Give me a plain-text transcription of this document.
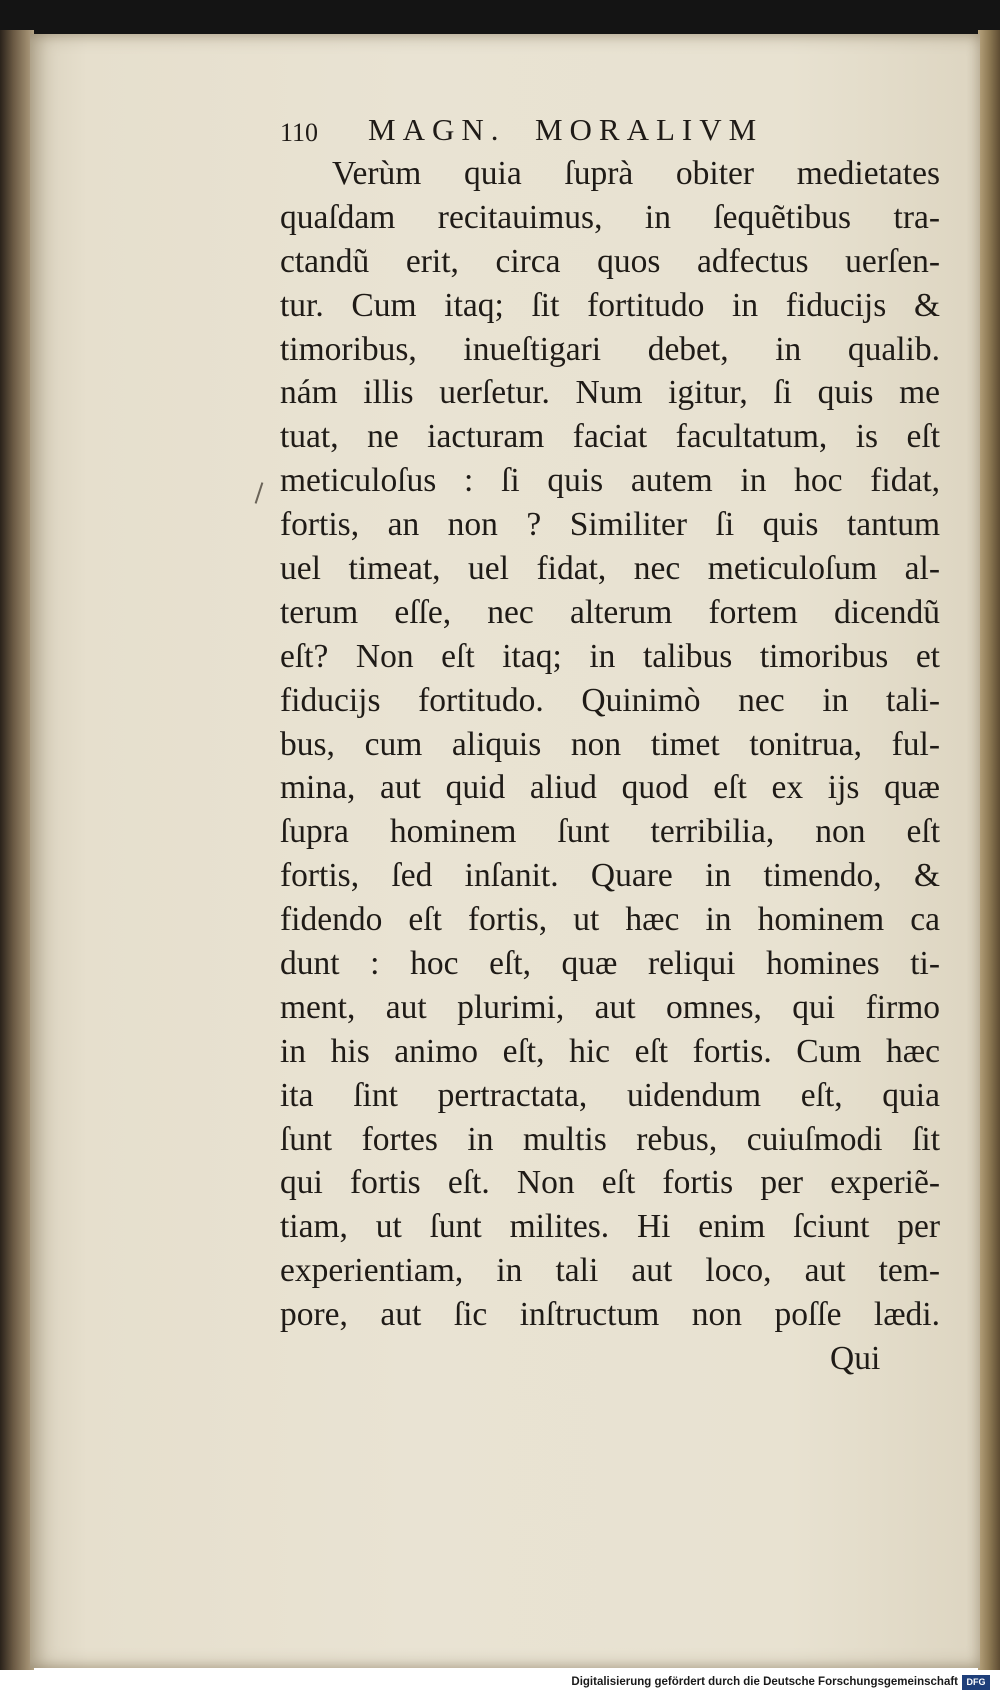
110 MAGN.  MORALIVM
Verùm quia ſuprà obiter medietates
quaſdam recitauimus, in ſequẽtibus tra-
ctandũ erit, circa quos adfectus uerſen-
tur. Cum itaq; ſit fortitudo in fiducijs &
timoribus, inueſtigari debet, in qualib.
nám illis uerſetur. Num igitur, ſi quis me
tuat, ne iacturam faciat facultatum, is eſt
meticuloſus : ſi quis autem in hoc fidat,
fortis, an non ? Similiter ſi quis tantum
uel timeat, uel fidat, nec meticuloſum al-
terum eſſe, nec alterum fortem dicendũ
eſt? Non eſt itaq; in talibus timoribus et
fiducijs fortitudo. Quinimò nec in tali-
bus, cum aliquis non timet tonitrua, ful-
mina, aut quid aliud quod eſt ex ijs quæ
ſupra hominem ſunt terribilia, non eſt
fortis, ſed inſanit. Quare in timendo, &
fidendo eſt fortis, ut hæc in hominem ca
dunt : hoc eſt, quæ reliqui homines ti-
ment, aut plurimi, aut omnes, qui firmo
in his animo eſt, hic eſt fortis. Cum hæc
ita ſint pertractata, uidendum eſt, quia
ſunt fortes in multis rebus, cuiuſmodi ſit
qui fortis eſt. Non eſt fortis per experiẽ-
tiam, ut ſunt milites. Hi enim ſciunt per
experientiam, in tali aut loco, aut tem-
pore, aut ſic inſtructum non poſſe lædi.
Qui
Digitalisierung gefördert durch die Deutsche Forschungsgemeinschaft DFG
